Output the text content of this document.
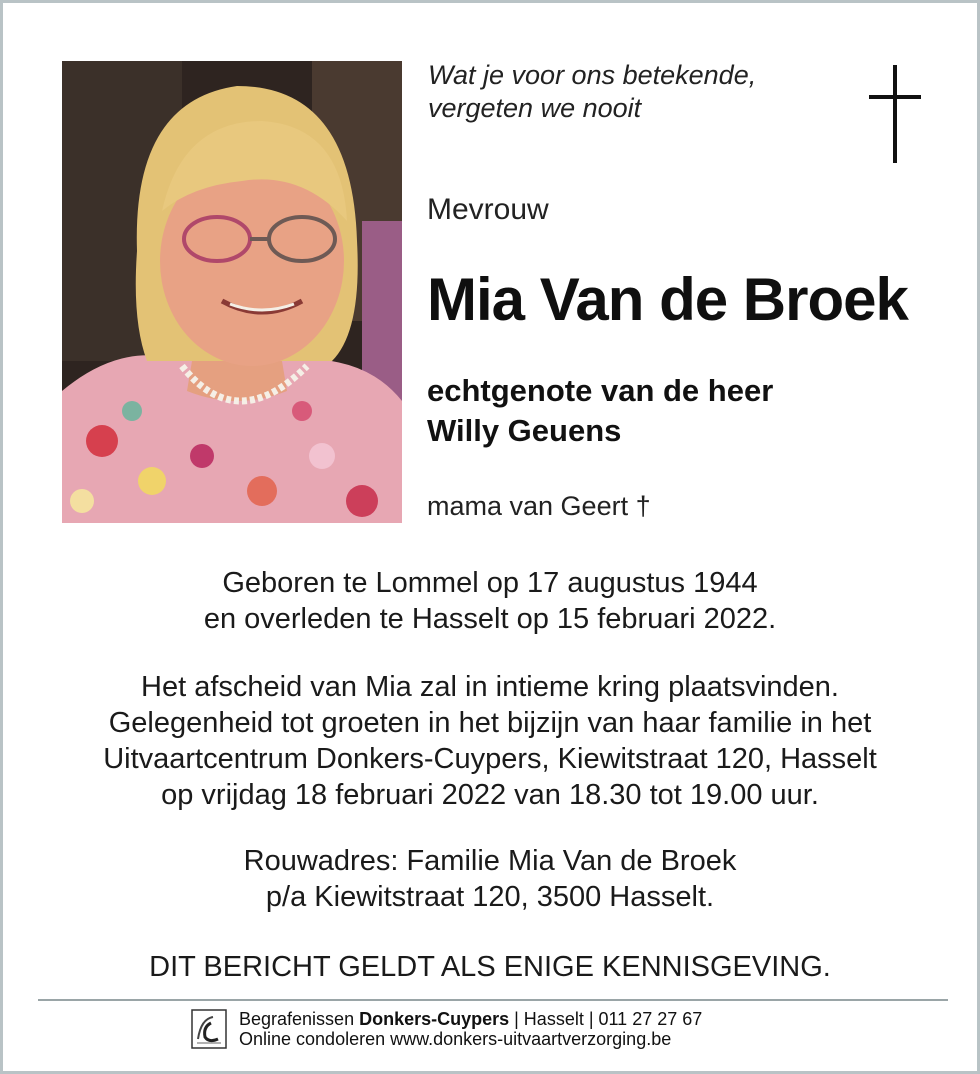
Wat je voor ons betekende,
vergeten we nooit
Mevrouw
Mia Van de Broek
echtgenote van de heer
Willy Geuens
mama van Geert †
Geboren te Lommel op 17 augustus 1944
en overleden te Hasselt op 15 februari 2022.
Het afscheid van Mia zal in intieme kring plaatsvinden.
Gelegenheid tot groeten in het bijzijn van haar familie in het
Uitvaartcentrum Donkers-Cuypers, Kiewitstraat 120, Hasselt
op vrijdag 18 februari 2022 van 18.30 tot 19.00 uur.
Rouwadres: Familie Mia Van de Broek
p/a Kiewitstraat 120, 3500 Hasselt.
DIT BERICHT GELDT ALS ENIGE KENNISGEVING.
Begrafenissen Donkers-Cuypers | Hasselt | 011 27 27 67
Online condoleren www.donkers-uitvaartverzorging.be
